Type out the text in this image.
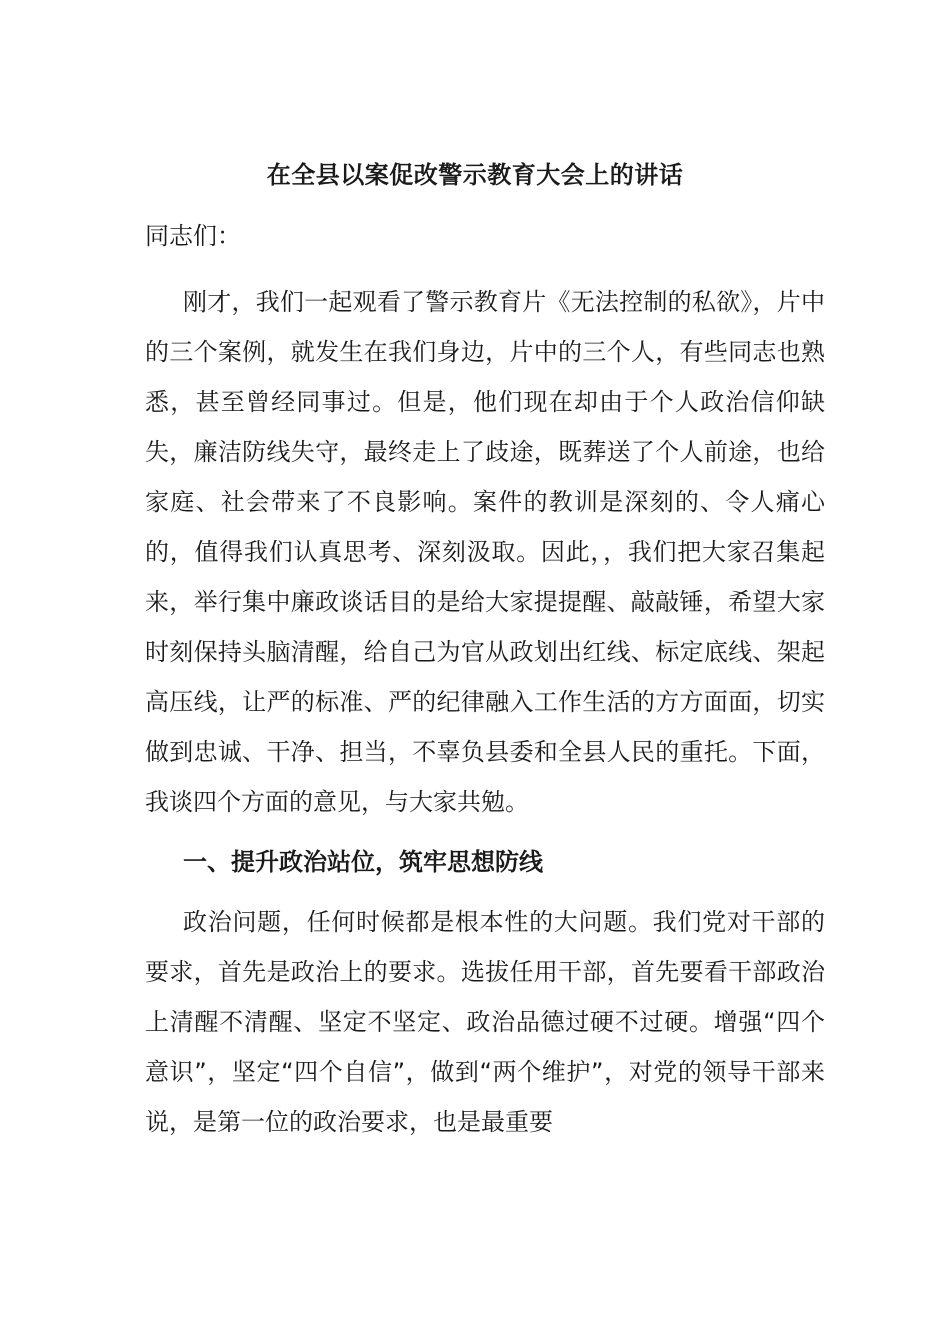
在全县以案促改警示教育大会上的讲话
同志们：

刚才，我们一起观看了警示教育片《无法控制的私欲》，片中的三个案例，就发生在我们身边，片中的三个人，有些同志也熟悉，甚至曾经同事过。但是，他们现在却由于个人政治信仰缺失，廉洁防线失守，最终走上了歧途，既葬送了个人前途，也给家庭、社会带来了不良影响。案件的教训是深刻的、令人痛心的，值得我们认真思考、深刻汲取。因此，，我们把大家召集起来，举行集中廉政谈话目的是给大家提提醒、敲敲锤，希望大家时刻保持头脑清醒，给自己为官从政划出红线、标定底线、架起高压线，让严的标准、严的纪律融入工作生活的方方面面，切实做到忠诚、干净、担当，不辜负县委和全县人民的重托。下面，我谈四个方面的意见，与大家共勉。

一、提升政治站位，筑牢思想防线

政治问题，任何时候都是根本性的大问题。我们党对干部的要求，首先是政治上的要求。选拔任用干部，首先要看干部政治上清醒不清醒、坚定不坚定、政治品德过硬不过硬。增强“四个意识”，坚定“四个自信”，做到“两个维护”，对党的领导干部来说，是第一位的政治要求，也是最重要
